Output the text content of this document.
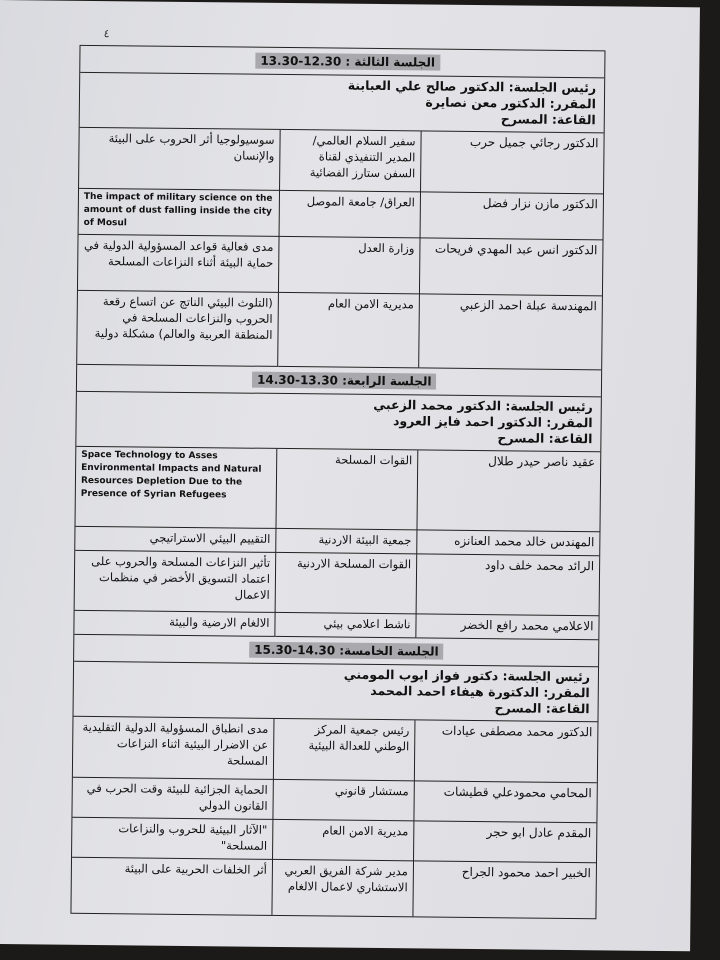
٤
الجلسة الثالثة : 12.30-13.30
رئيس الجلسة: الدكتور صالح علي العبابنة
المقرر: الدكتور معن نصايرة
القاعة: المسرح
الدكتور رجائي جميل حرب	سفير السلام العالمي/ المدير التنفيذي لقناة السفن ستارز الفضائية	سوسيولوجيا أثر الحروب على البيئة والإنسان
الدكتور مازن نزار فضل	العراق/ جامعة الموصل	The impact of military science on the amount of dust falling inside the city of Mosul
الدكتور انس عبد المهدي فريحات	وزارة العدل	مدى فعالية قواعد المسؤولية الدولية في حماية البيئة أثناء النزاعات المسلحة
المهندسة عبلة احمد الزعبي	مديرية الامن العام	(التلوث البيئي الناتج عن اتساع رقعة الحروب والنزاعات المسلحة في المنطقة العربية والعالم) مشكلة دولية
الجلسة الرابعة: 13.30-14.30
رئيس الجلسة: الدكتور محمد الزعبي
المقرر: الدكتور احمد فايز العرود
القاعة: المسرح
عقيد ناصر حيدر طلال	القوات المسلحة	Space Technology to Asses Environmental Impacts and Natural Resources Depletion Due to the Presence of Syrian Refugees
المهندس خالد محمد العنانزه	جمعية البيئة الاردنية	التقييم البيئي الاستراتيجي
الرائد محمد خلف داود	القوات المسلحة الاردنية	تأثير النزاعات المسلحة والحروب على اعتماد التسويق الأخضر في منظمات الاعمال
الاعلامي محمد رافع الخضر	ناشط اعلامي بيئي	الالغام الارضية والبيئة
الجلسة الخامسة: 14.30-15.30
رئيس الجلسة: دكتور فواز ايوب المومني
المقرر: الدكتورة هيفاء احمد المحمد
القاعة: المسرح
الدكتور محمد مصطفى عيادات	رئيس جمعية المركز الوطني للعدالة البيئية	مدى انطباق المسؤولية الدولية التقليدية عن الاضرار البيئية اثناء النزاعات المسلحة
المحامي محمودعلي قطيشات	مستشار قانوني	الحماية الجزائية للبيئة وقت الحرب في القانون الدولي
المقدم عادل ابو حجر	مديرية الامن العام	"الآثار البيئية للحروب والنزاعات المسلحة"
الخبير احمد محمود الجراح	مدير شركة الفريق العربي الاستشاري لاعمال الالغام	أثر الخلفات الحربية على البيئة
